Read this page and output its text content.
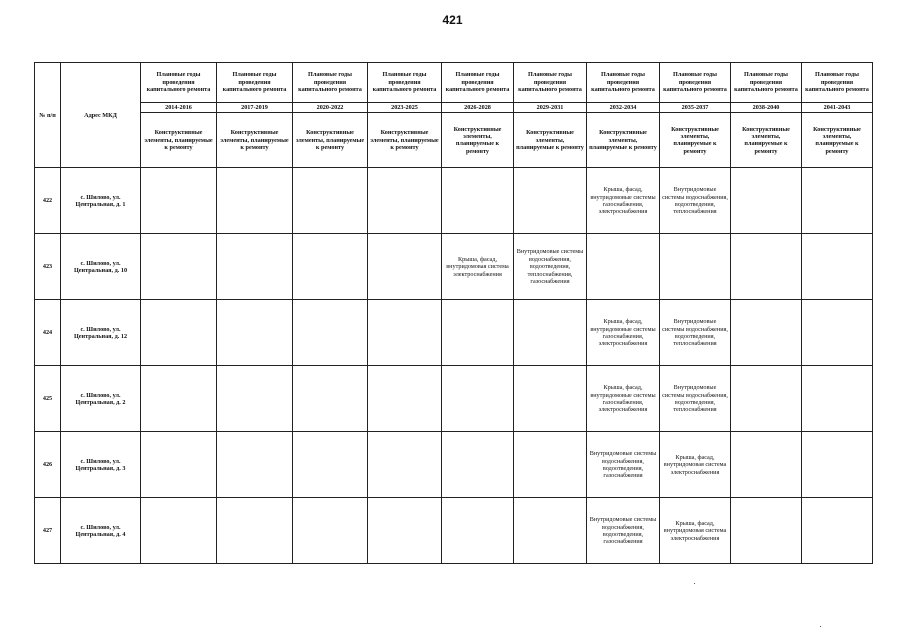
421
№ п/п	Адрес МКД	Плановые годы проведения капитального ремонта	Плановые годы проведения капитального ремонта	Плановые годы проведения капитального ремонта	Плановые годы проведения капитального ремонта	Плановые годы проведения капитального ремонта	Плановые годы проведения капитального ремонта	Плановые годы проведения капитального ремонта	Плановые годы проведения капитального ремонта	Плановые годы проведения капитального ремонта	Плановые годы проведения капитального ремонта
		2014-2016	2017-2019	2020-2022	2023-2025	2026-2028	2029-2031	2032-2034	2035-2037	2038-2040	2041-2043
		Конструктивные элементы, планируемые к ремонту	Конструктивные элементы, планируемые к ремонту	Конструктивные элементы, планируемые к ремонту	Конструктивные элементы, планируемые к ремонту	Конструктивные элементы, планируемые к ремонту	Конструктивные элементы, планируемые к ремонту	Конструктивные элементы, планируемые к ремонту	Конструктивные элементы, планируемые к ремонту	Конструктивные элементы, планируемые к ремонту	Конструктивные элементы, планируемые к ремонту
422	с. Шилово, ул. Центральная, д. 1							Крыша, фасад, внутридомовые системы газоснабжения, электроснабжения	Внутридомовые системы водоснабжения, водоотведения, теплоснабжения		
423	с. Шилово, ул. Центральная, д. 10					Крыша, фасад, внутридомовая система электроснабжения	Внутридомовые системы водоснабжения, водоотведения, теплоснабжения, газоснабжения				
424	с. Шилово, ул. Центральная, д. 12							Крыша, фасад, внутридомовые системы газоснабжения, электроснабжения	Внутридомовые системы водоснабжения, водоотведения, теплоснабжения		
425	с. Шилово, ул. Центральная, д. 2							Крыша, фасад, внутридомовые системы газоснабжения, электроснабжения	Внутридомовые системы водоснабжения, водоотведения, теплоснабжения		
426	с. Шилово, ул. Центральная, д. 3							Внутридомовые системы водоснабжения, водоотведения, газоснабжения	Крыша, фасад, внутридомовая система электроснабжения		
427	с. Шилово, ул. Центральная, д. 4							Внутридомовые системы водоснабжения, водоотведения, газоснабжения	Крыша, фасад, внутридомовая система электроснабжения		
